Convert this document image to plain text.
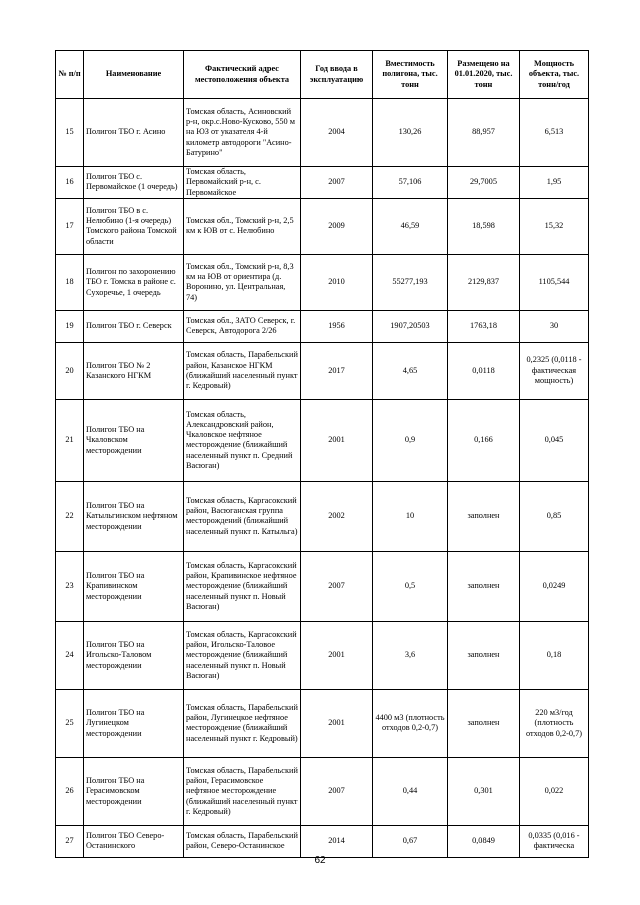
№ п/п	Наименование	Фактический адрес местоположения объекта	Год ввода в эксплуатацию	Вместимость полигона, тыс. тонн	Размещено на 01.01.2020, тыс. тонн	Мощность объекта, тыс. тонн/год
15	Полигон ТБО г. Асино	Томская область, Асиновский р-н, окр.с.Ново-Кусково, 550 м на ЮЗ от указателя 4-й километр автодороги "Асино-Батурино"	2004	130,26	88,957	6,513
16	Полигон ТБО с. Первомайское (1 очередь)	Томская область, Первомайский р-н, с. Первомайское	2007	57,106	29,7005	1,95
17	Полигон ТБО в с. Нелюбино (1-я очередь) Томского района Томской области	Томская обл., Томский р-н, 2,5 км к ЮВ от с. Нелюбино	2009	46,59	18,598	15,32
18	Полигон по захоронению ТБО г. Томска в районе с. Сухоречье, 1 очередь	Томская обл., Томский р-н, 8,3 км на ЮВ от ориентира (д. Воронино, ул. Центральная, 74)	2010	55277,193	2129,837	1105,544
19	Полигон ТБО г. Северск	Томская обл., ЗАТО Северск, г. Северск, Автодорога 2/26	1956	1907,20503	1763,18	30
20	Полигон ТБО № 2 Казанского НГКМ	Томская область, Парабельский район, Казанское НГКМ (ближайший населенный пункт г. Кедровый)	2017	4,65	0,0118	0,2325 (0,0118 - фактическая мощность)
21	Полигон ТБО на Чкаловском месторождении	Томская область, Александровский район, Чкаловское нефтяное месторождение (ближайший населенный пункт п. Средний Васюган)	2001	0,9	0,166	0,045
22	Полигон ТБО на Катыльгинском нефтяном месторождении	Томская область, Каргасокский район, Васюганская группа месторождений (ближайший населенный пункт п. Катыльга)	2002	10	заполнен	0,85
23	Полигон ТБО на Крапивинском месторождении	Томская область, Каргасокский район, Крапивинское нефтяное месторождение (ближайший населенный пункт п. Новый Васюган)	2007	0,5	заполнен	0,0249
24	Полигон ТБО на Игольско-Таловом месторождении	Томская область, Каргасокский район, Игольско-Таловое месторождение (ближайший населенный пункт п. Новый Васюган)	2001	3,6	заполнен	0,18
25	Полигон ТБО на Лугинецком месторождении	Томская область, Парабельский район, Лугинецкое нефтяное месторождение (ближайший населенный пункт г. Кедровый)	2001	4400 м3 (плотность отходов 0,2-0,7)	заполнен	220 м3/год (плотность отходов 0,2-0,7)
26	Полигон ТБО на Герасимовском месторождении	Томская область, Парабельский район, Герасимовское нефтяное месторождение (ближайший населенный пункт г. Кедровый)	2007	0,44	0,301	0,022
27	Полигон ТБО Северо-Останинского	Томская область, Парабельский район, Северо-Останинское	2014	0,67	0,0849	0,0335 (0,016 - фактическа
62
